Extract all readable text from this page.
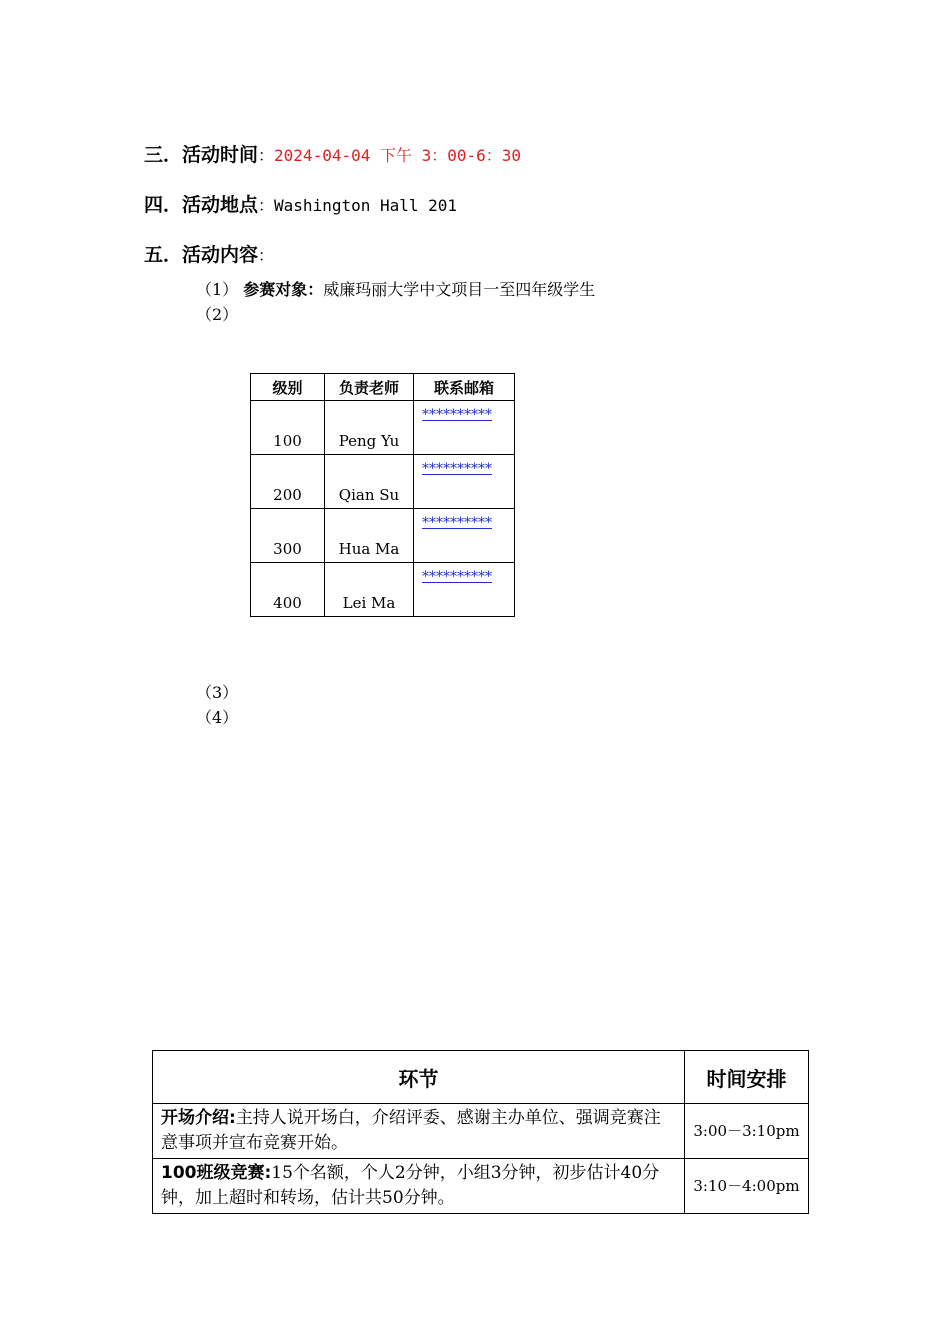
三．活动时间：2024-04-04 下午 3：00-6：30
四．活动地点：Washington Hall 201
五．活动内容：
（1） 参赛对象：威廉玛丽大学中文项目一至四年级学生
（2）
级别	负责老师	联系邮箱
100	Peng Yu	**********

200	Qian Su	**********

300	Hua Ma	**********

400	Lei Ma	**********
（3）
（4）
环节	时间安排
开场介绍:主持人说开场白，介绍评委、感谢主办单位、强调竞赛注意事项并宣布竞赛开始。	3:00－3:10pm
100班级竞赛:15个名额，个人2分钟，小组3分钟，初步估计40分钟，加上超时和转场，估计共50分钟。	3:10－4:00pm
